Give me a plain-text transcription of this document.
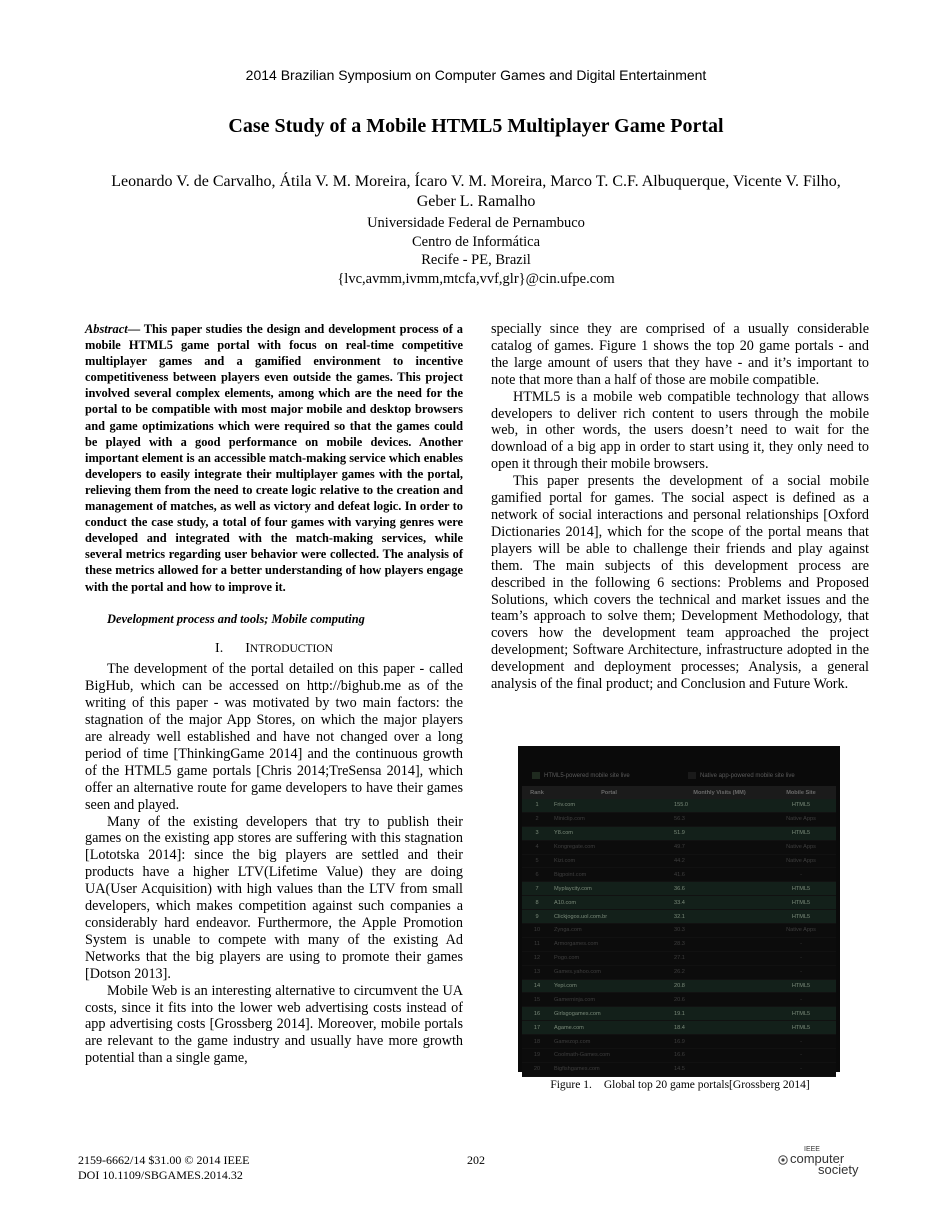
2014 Brazilian Symposium on Computer Games and Digital Entertainment
Case Study of a Mobile HTML5 Multiplayer Game Portal
Leonardo V. de Carvalho, Átila V. M. Moreira, Ícaro V. M. Moreira, Marco T. C.F. Albuquerque, Vicente V. Filho, Geber L. Ramalho
Universidade Federal de Pernambuco
Centro de Informática
Recife - PE, Brazil
{lvc,avmm,ivmm,mtcfa,vvf,glr}@cin.ufpe.com

Abstract— This paper studies the design and development process of a mobile HTML5 game portal with focus on real-time competitive multiplayer games and a gamified environment to incentive competitiveness between players even outside the games. This project involved several complex elements, among which are the need for the portal to be compatible with most major mobile and desktop browsers and game optimizations which were required so that the games could be played with a good performance on mobile devices. Another important element is an accessible match-making service which enables developers to easily integrate their multiplayer games with the portal, relieving them from the need to create logic relative to the creation and management of matches, as well as victory and defeat logic. In order to conduct the case study, a total of four games with varying genres were developed and integrated with the match-making services, while several metrics regarding user behavior were collected. The analysis of these metrics allowed for a better understanding of how players engage with the portal and how to improve it.

Development process and tools; Mobile computing
I. INTRODUCTION

The development of the portal detailed on this paper - called BigHub, which can be accessed on http://bighub.me as of the writing of this paper - was motivated by two main factors: the stagnation of the major App Stores, on which the major players are already well established and have not changed over a long period of time [ThinkingGame 2014] and the continuous growth of the HTML5 game portals [Chris 2014;TreSensa 2014], which offer an alternative route for game developers to have their games seen and played.

Many of the existing developers that try to publish their games on the existing app stores are suffering with this stagnation [Lototska 2014]: since the big players are settled and their products have a higher LTV(Lifetime Value) they are doing UA(User Acquisition) with high values than the LTV from small developers, which makes competition against such companies a considerably hard endeavor. Furthermore, the Apple Promotion System is unable to compete with many of the existing Ad Networks that the big players are using to promote their games [Dotson 2013].

Mobile Web is an interesting alternative to circumvent the UA costs, since it fits into the lower web advertising costs instead of app advertising costs [Grossberg 2014]. Moreover, mobile portals are relevant to the game industry and usually have more growth potential than a single game,

specially since they are comprised of a usually considerable catalog of games. Figure 1 shows the top 20 game portals - and the large amount of users that they have - and it’s important to note that more than a half of those are mobile compatible.

HTML5 is a mobile web compatible technology that allows developers to deliver rich content to users through the mobile web, in other words, the users doesn’t need to wait for the download of a big app in order to start using it, they only need to open it through their mobile browsers.

This paper presents the development of a social mobile gamified portal for games. The social aspect is defined as a network of social interactions and personal relationships [Oxford Dictionaries 2014], which for the scope of the portal means that players will be able to challenge their friends and play against them. The main subjects of this development process are described in the following 6 sections: Problems and Proposed Solutions, which covers the technical and market issues and the team’s approach to solve them; Development Methodology, that covers how the development team approached the project development; Software Architecture, infrastructure adopted in the development and deployment processes; Analysis, a general analysis of the final product; and Conclusion and Future Work.

HTML5-powered mobile site live	Native app-powered mobile site live
Rank	Portal	Monthly Visits (MM)	Mobile Site
1	Friv.com	155.0	HTML5
2	Miniclip.com	56.3	Native Apps
3	Y8.com	51.9	HTML5
4	Kongregate.com	49.7	Native Apps
5	Kizi.com	44.2	Native Apps
6	Bigpoint.com	41.6	-
7	Myplaycity.com	36.6	HTML5
8	A10.com	33.4	HTML5
9	Clickjogos.uol.com.br	32.1	HTML5
10	Zynga.com	30.3	Native Apps
11	Armorgames.com	28.3	-
12	Pogo.com	27.1	-
13	Games.yahoo.com	26.2	-
14	Yepi.com	20.8	HTML5
15	Gamerninja.com	20.6	-
16	Girlsgogames.com	19.1	HTML5
17	Agame.com	18.4	HTML5
18	Gamezop.com	16.9	-
19	Coolmath-Games.com	16.6	-
20	Bigfishgames.com	14.5	-
Figure 1. Global top 20 game portals[Grossberg 2014]
2159-6662/14 $31.00 © 2014 IEEE
DOI 10.1109/SBGAMES.2014.32
202
IEEE
computer
society
